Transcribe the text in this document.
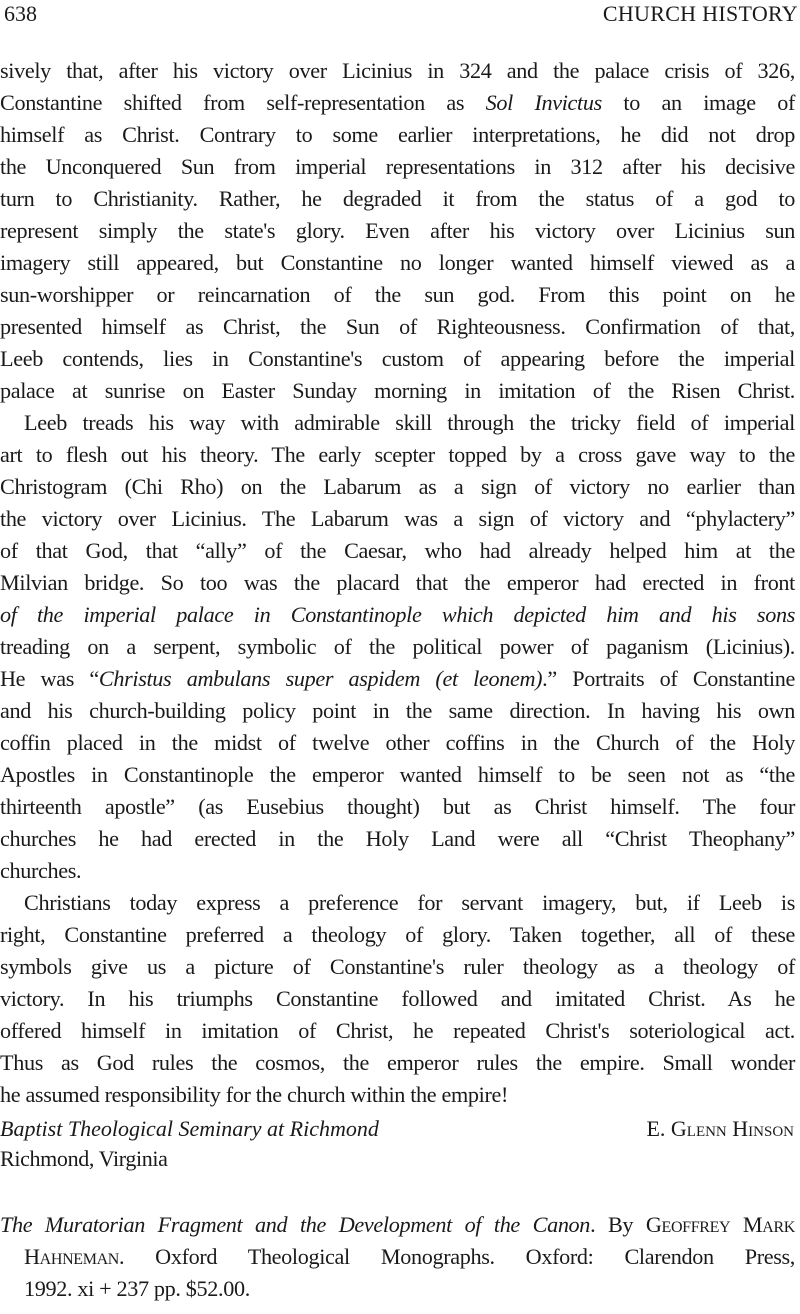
638	CHURCH HISTORY
sively that, after his victory over Licinius in 324 and the palace crisis of 326,
Constantine shifted from self-representation as Sol Invictus to an image of
himself as Christ. Contrary to some earlier interpretations, he did not drop
the Unconquered Sun from imperial representations in 312 after his decisive
turn to Christianity. Rather, he degraded it from the status of a god to
represent simply the state's glory. Even after his victory over Licinius sun
imagery still appeared, but Constantine no longer wanted himself viewed as a
sun-worshipper or reincarnation of the sun god. From this point on he
presented himself as Christ, the Sun of Righteousness. Confirmation of that,
Leeb contends, lies in Constantine's custom of appearing before the imperial
palace at sunrise on Easter Sunday morning in imitation of the Risen Christ.
Leeb treads his way with admirable skill through the tricky field of imperial
art to flesh out his theory. The early scepter topped by a cross gave way to the
Christogram (Chi Rho) on the Labarum as a sign of victory no earlier than
the victory over Licinius. The Labarum was a sign of victory and “phylactery”
of that God, that “ally” of the Caesar, who had already helped him at the
Milvian bridge. So too was the placard that the emperor had erected in front
of the imperial palace in Constantinople which depicted him and his sons
treading on a serpent, symbolic of the political power of paganism (Licinius).
He was “Christus ambulans super aspidem (et leonem).” Portraits of Constantine
and his church-building policy point in the same direction. In having his own
coffin placed in the midst of twelve other coffins in the Church of the Holy
Apostles in Constantinople the emperor wanted himself to be seen not as “the
thirteenth apostle” (as Eusebius thought) but as Christ himself. The four
churches he had erected in the Holy Land were all “Christ Theophany”
churches.
Christians today express a preference for servant imagery, but, if Leeb is
right, Constantine preferred a theology of glory. Taken together, all of these
symbols give us a picture of Constantine's ruler theology as a theology of
victory. In his triumphs Constantine followed and imitated Christ. As he
offered himself in imitation of Christ, he repeated Christ's soteriological act.
Thus as God rules the cosmos, the emperor rules the empire. Small wonder
he assumed responsibility for the church within the empire!
Baptist Theological Seminary at Richmond	E. Glenn Hinson
Richmond, Virginia
The Muratorian Fragment and the Development of the Canon. By Geoffrey Mark
Hahneman. Oxford Theological Monographs. Oxford: Clarendon Press,
1992. xi + 237 pp. $52.00.
